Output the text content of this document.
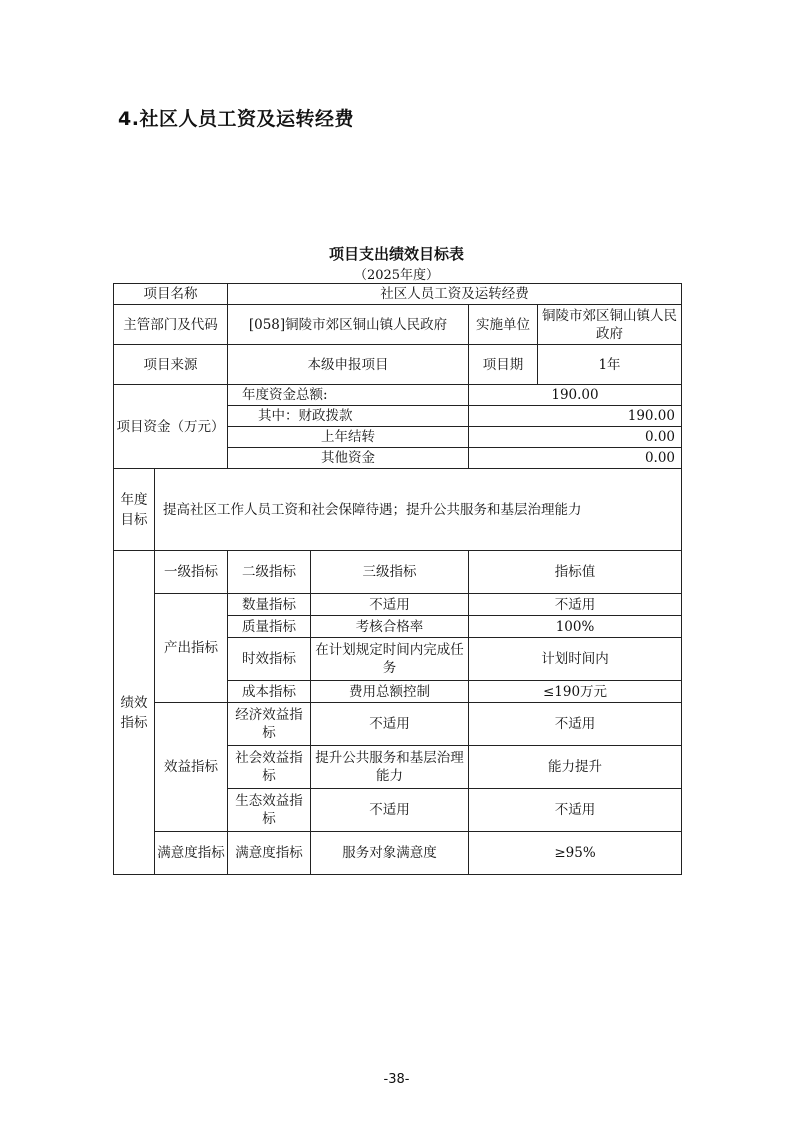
4.社区人员工资及运转经费
项目支出绩效目标表
（2025年度）
项目名称		社区人员工资及运转经费			
主管部门及代码		[058]铜陵市郊区铜山镇人民政府		实施单位	铜陵市郊区铜山镇人民政府
项目来源		本级申报项目		项目期	1年
项目资金（万元）		年度资金总额:		190.00	
		其中：财政拨款		190.00	
		上年结转		0.00	
		其他资金		0.00	
年度目标	提高社区工作人员工资和社会保障待遇；提升公共服务和基层治理能力				
绩效指标	一级指标	二级指标	三级指标	指标值	
	产出指标	数量指标	不适用	不适用	
		质量指标	考核合格率	100%	
		时效指标	在计划规定时间内完成任务	计划时间内	
		成本指标	费用总额控制	≤190万元	
	效益指标	经济效益指标	不适用	不适用	
		社会效益指标	提升公共服务和基层治理能力	能力提升	
		生态效益指标	不适用	不适用	
	满意度指标	满意度指标	服务对象满意度	≥95%	
-38-
